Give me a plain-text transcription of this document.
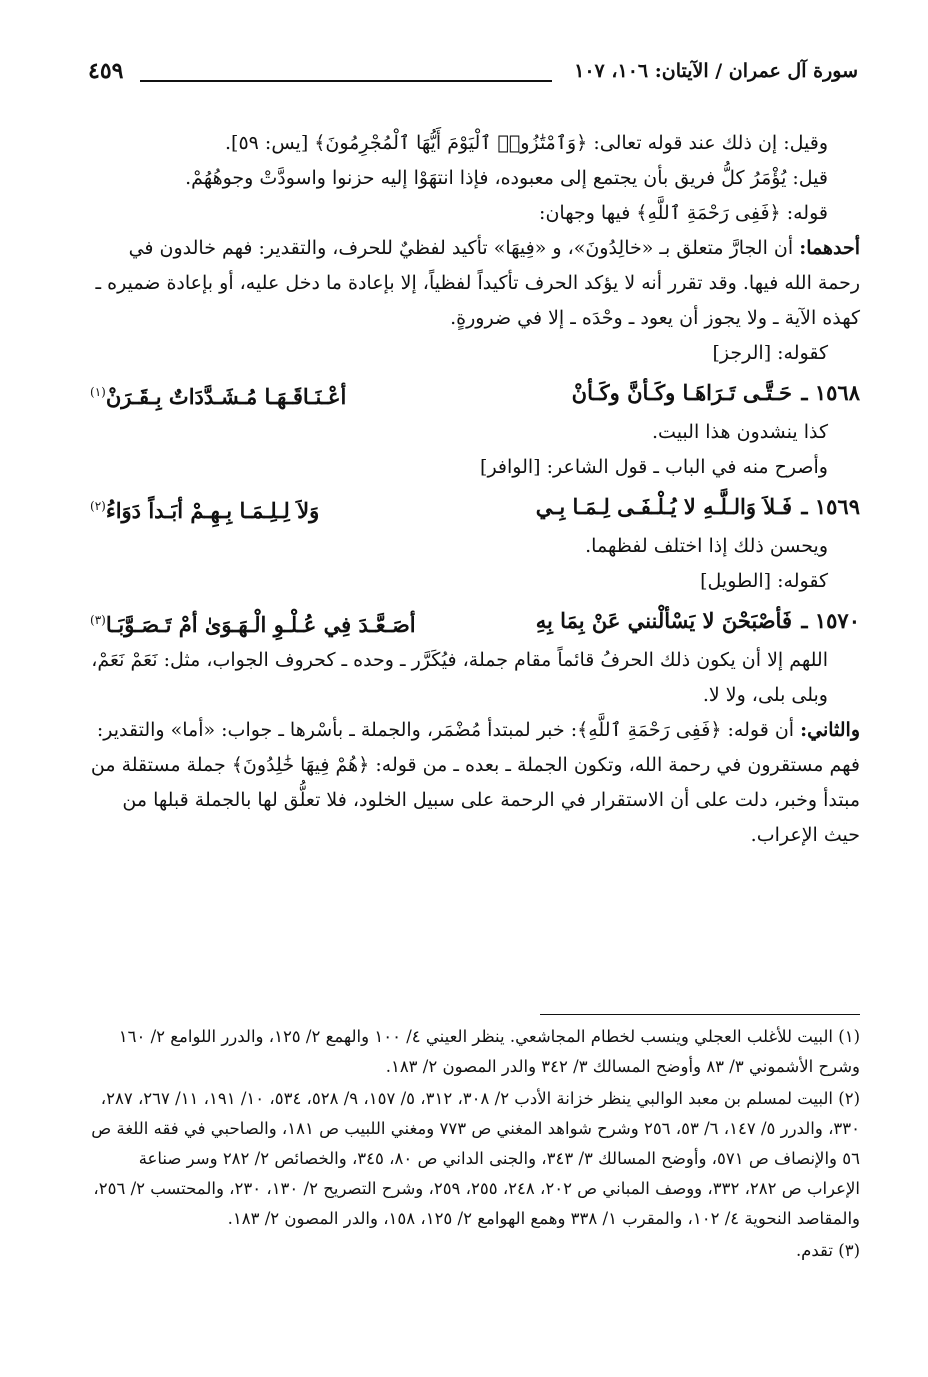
سورة آل عمران / الآيتان: ١٠٦، ١٠٧
٤٥٩

وقيل: إن ذلك عند قوله تعالى: ﴿وَٱمْتَٰزُوا۟ ٱلْيَوْمَ أَيُّهَا ٱلْمُجْرِمُونَ﴾ [يس: ٥٩].

قيل: يُؤْمَرُ كلُّ فريق بأن يجتمع إلى معبوده، فإذا انتهَوْا إليه حزنوا واسودَّتْ وجوهُهُمْ.

قوله: ﴿فَفِى رَحْمَةِ ٱللَّهِ﴾ فيها وجهان:

أحدهما: أن الجارَّ متعلق بـ «خالِدُونَ»، و «فِيهَا» تأكيد لفظيٌ للحرف، والتقدير: فهم خالدون في رحمة الله فيها. وقد تقرر أنه لا يؤكد الحرف تأكيداً لفظياً، إلا بإعادة ما دخل عليه، أو بإعادة ضميره ـ كهذه الآية ـ ولا يجوز أن يعود ـ وحْدَه ـ إلا في ضرورةٍ.

كقوله: [الرجز]

١٥٦٨ ـ
حَـتَّـى تَـرَاهَـا وكَـأنَّ وكَـأنْ
أعْـنَـاقَـهَـا مُـشَـدَّدَاتٌ بِـقَـرَنْ$^{(١)}$

كذا ينشدون هذا البيت.

وأصرح منه في الباب ـ قول الشاعر: [الوافر]

١٥٦٩ ـ
فَـلاَ وَالـلَّـهِ لا يُـلْـفَـى لِـمَـا بِـي
وَلاَ لِـلِـمَـا بِـهِـمْ أبَـداً دَوَاءُ$^{(٢)}$

ويحسن ذلك إذا اختلف لفظهما.

كقوله: [الطويل]

١٥٧٠ ـ
فَأصْبَحْنَ لا يَسْألْنني عَنْ بِمَا بِهِ
أصَـعَّـدَ فِي عُـلْـوِ الْـهَـوَىٰ أمْ تَـصَـوَّبَـا$^{(٣)}$

اللهم إلا أن يكون ذلك الحرفُ قائماً مقام جملة، فيُكَرَّر ـ وحده ـ كحروف الجواب، مثل: نَعَمْ نَعَمْ، وبلى بلى، ولا لا.

والثاني: أن قوله: ﴿فَفِى رَحْمَةِ ٱللَّهِ﴾: خبر لمبتدأ مُضْمَر، والجملة ـ بأسْرها ـ جواب: «أما» والتقدير: فهم مستقرون في رحمة الله، وتكون الجملة ـ بعده ـ من قوله: ﴿هُمْ فِيهَا خَٰلِدُونَ﴾ جملة مستقلة من مبتدأ وخبر، دلت على أن الاستقرار في الرحمة على سبيل الخلود، فلا تعلُّق لها بالجملة قبلها من حيث الإعراب.

(١) البيت للأغلب العجلي وينسب لخطام المجاشعي. ينظر العيني ٤/ ١٠٠ والهمع ٢/ ١٢٥، والدرر اللوامع ٢/ ١٦٠ وشرح الأشموني ٣/ ٨٣ وأوضح المسالك ٣/ ٣٤٢ والدر المصون ٢/ ١٨٣.

(٢) البيت لمسلم بن معبد الوالبي ينظر خزانة الأدب ٢/ ٣٠٨، ٣١٢، ٥/ ١٥٧، ٩/ ٥٢٨، ٥٣٤، ١٠/ ١٩١، ١١/ ٢٦٧، ٢٨٧، ٣٣٠، والدرر ٥/ ١٤٧، ٦/ ٥٣، ٢٥٦ وشرح شواهد المغني ص ٧٧٣ ومغني اللبيب ص ١٨١، والصاحبي في فقه اللغة ص ٥٦ والإنصاف ص ٥٧١، وأوضح المسالك ٣/ ٣٤٣، والجنى الداني ص ٨٠، ٣٤٥، والخصائص ٢/ ٢٨٢ وسر صناعة الإعراب ص ٢٨٢، ٣٣٢، ووصف المباني ص ٢٠٢، ٢٤٨، ٢٥٥، ٢٥٩، وشرح التصريح ٢/ ١٣٠، ٢٣٠، والمحتسب ٢/ ٢٥٦، والمقاصد النحوية ٤/ ١٠٢، والمقرب ١/ ٣٣٨ وهمع الهوامع ٢/ ١٢٥، ١٥٨، والدر المصون ٢/ ١٨٣.

(٣) تقدم.
